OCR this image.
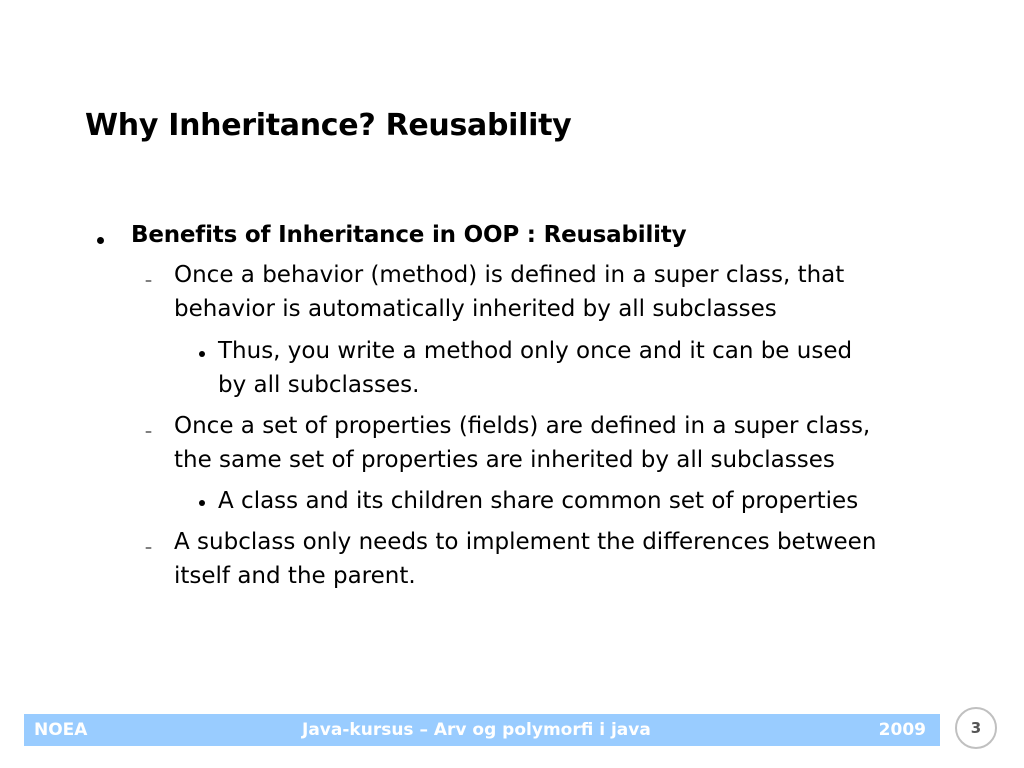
Why Inheritance? Reusability
Benefits of Inheritance in OOP : Reusability
– Once a behavior (method) is defined in a super class, that
behavior is automatically inherited by all subclasses
Thus, you write a method only once and it can be used
by all subclasses.
– Once a set of properties (fields) are defined in a super class,
the same set of properties are inherited by all subclasses
A class and its children share common set of properties
– A subclass only needs to implement the differences between
itself and the parent.
NOEA	Java-kursus – Arv og polymorfi i java	2009	3
